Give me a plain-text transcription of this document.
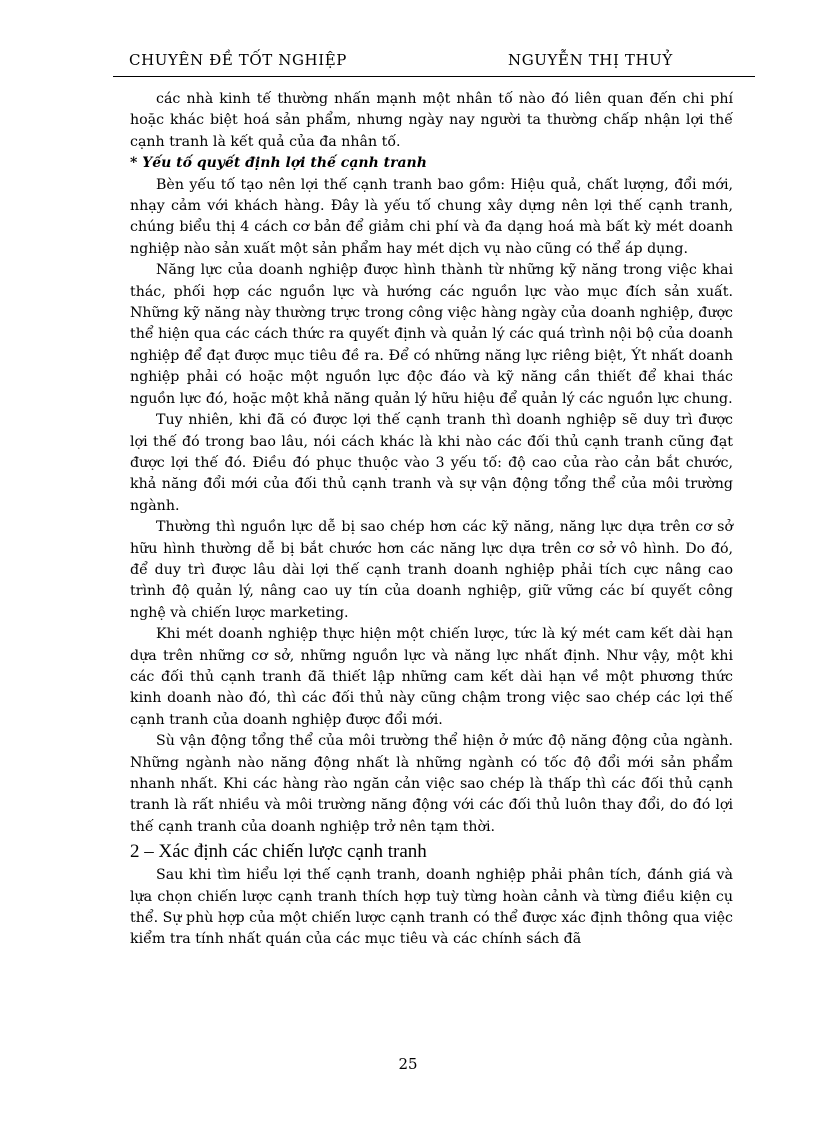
CHUYÊN ĐỀ TỐT NGHIỆP	NGUYỄN THỊ THUỶ

các nhà kinh tế thường nhấn mạnh một nhân tố nào đó liên quan đến chi phí hoặc khác biệt hoá sản phẩm, nhưng ngày nay người ta thường chấp nhận lợi thế cạnh tranh là kết quả của đa nhân tố.

* Yếu tố quyết định lợi thế cạnh tranh

Bèn yếu tố tạo nên lợi thế cạnh tranh bao gồm: Hiệu quả, chất lượng, đổi mới, nhạy cảm với khách hàng. Đây là yếu tố chung xây dựng nên lợi thế cạnh tranh, chúng biểu thị 4 cách cơ bản để giảm chi phí và đa dạng hoá mà bất kỳ mét doanh nghiệp nào sản xuất một sản phẩm hay mét dịch vụ nào cũng có thể áp dụng.

Năng lực của doanh nghiệp được hình thành từ những kỹ năng trong việc khai thác, phối hợp các nguồn lực và hướng các nguồn lực vào mục đích sản xuất. Những kỹ năng này thường trực trong công việc hàng ngày của doanh nghiệp, được thể hiện qua các cách thức ra quyết định và quản lý các quá trình nội bộ của doanh nghiệp để đạt được mục tiêu đề ra. Để có những năng lực riêng biệt, Ýt nhất doanh nghiệp phải có hoặc một nguồn lực độc đáo và kỹ năng cần thiết để khai thác nguồn lực đó, hoặc một khả năng quản lý hữu hiệu để quản lý các nguồn lực chung.

Tuy nhiên, khi đã có được lợi thế cạnh tranh thì doanh nghiệp sẽ duy trì được lợi thế đó trong bao lâu, nói cách khác là khi nào các đối thủ cạnh tranh cũng đạt được lợi thế đó. Điều đó phục thuộc vào 3 yếu tố: độ cao của rào cản bắt chước, khả năng đổi mới của đối thủ cạnh tranh và sự vận động tổng thể của môi trường ngành.

Thường thì nguồn lực dễ bị sao chép hơn các kỹ năng, năng lực dựa trên cơ sở hữu hình thường dễ bị bắt chước hơn các năng lực dựa trên cơ sở vô hình. Do đó, để duy trì được lâu dài lợi thế cạnh tranh doanh nghiệp phải tích cực nâng cao trình độ quản lý, nâng cao uy tín của doanh nghiệp, giữ vững các bí quyết công nghệ và chiến lược marketing.

Khi mét doanh nghiệp thực hiện một chiến lược, tức là ký mét cam kết dài hạn dựa trên những cơ sở, những nguồn lực và năng lực nhất định. Như vậy, một khi các đối thủ cạnh tranh đã thiết lập những cam kết dài hạn về một phương thức kinh doanh nào đó, thì các đối thủ này cũng chậm trong việc sao chép các lợi thế cạnh tranh của doanh nghiệp được đổi mới.

Sù vận động tổng thể của môi trường thể hiện ở mức độ năng động của ngành. Những ngành nào năng động nhất là những ngành có tốc độ đổi mới sản phẩm nhanh nhất. Khi các hàng rào ngăn cản việc sao chép là thấp thì các đối thủ cạnh tranh là rất nhiều và môi trường năng động với các đối thủ luôn thay đổi, do đó lợi thế cạnh tranh của doanh nghiệp trở nên tạm thời.

2 – Xác định các chiến lược cạnh tranh

Sau khi tìm hiểu lợi thế cạnh tranh, doanh nghiệp phải phân tích, đánh giá và lựa chọn chiến lược cạnh tranh thích hợp tuỳ từng hoàn cảnh và từng điều kiện cụ thể. Sự phù hợp của một chiến lược cạnh tranh có thể được xác định thông qua việc kiểm tra tính nhất quán của các mục tiêu và các chính sách đã

25
